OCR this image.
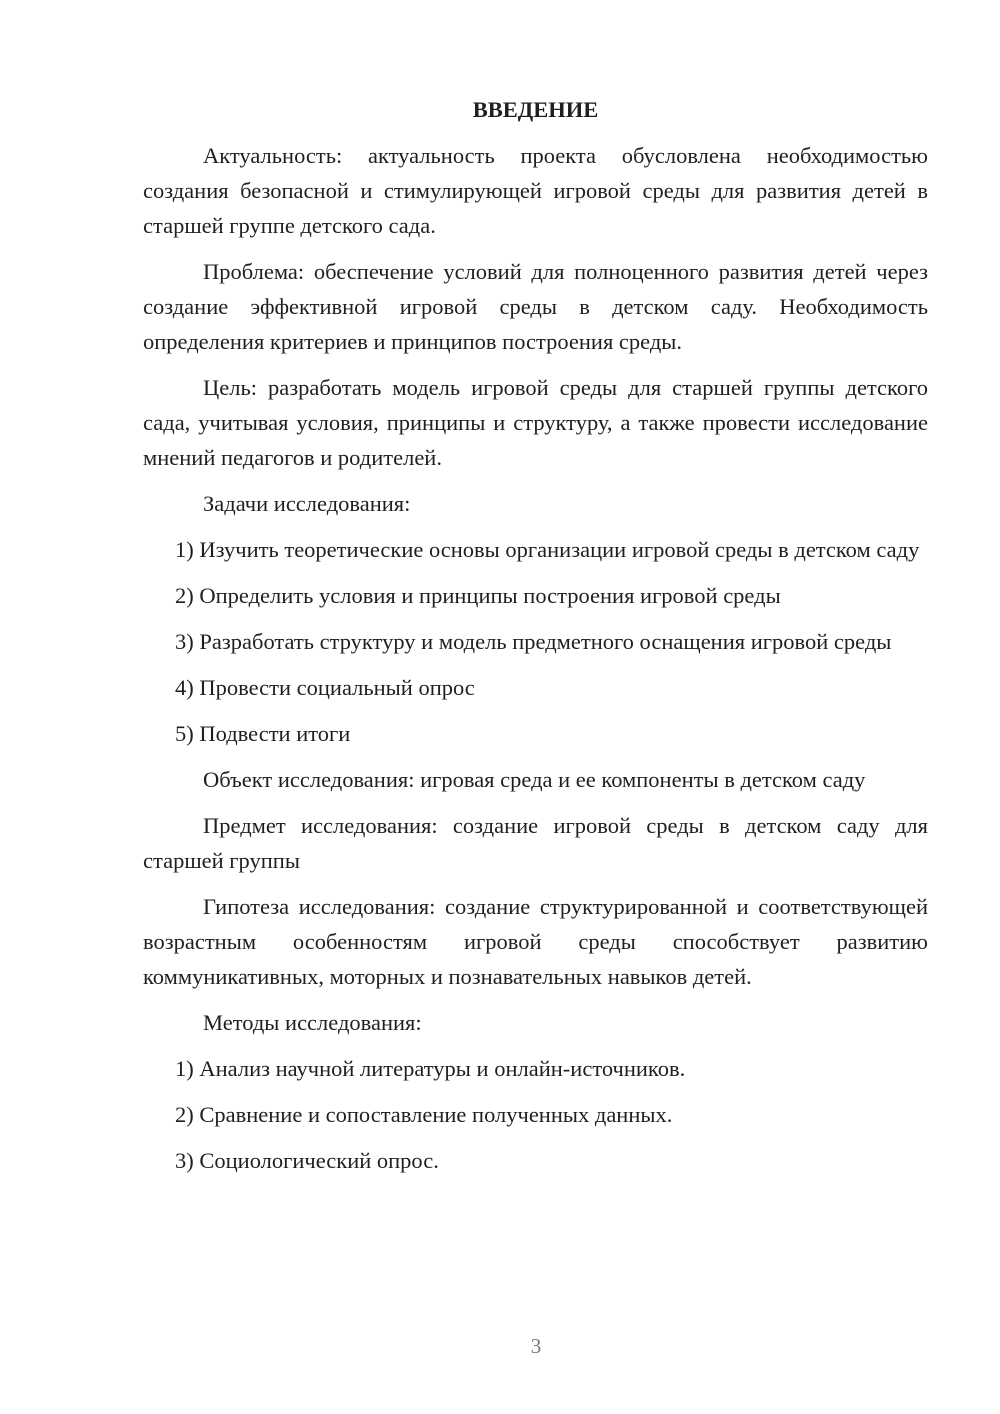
ВВЕДЕНИЕ

Актуальность: актуальность проекта обусловлена необходимостью создания безопасной и стимулирующей игровой среды для развития детей в старшей группе детского сада.

Проблема: обеспечение условий для полноценного развития детей через создание эффективной игровой среды в детском саду. Необходимость определения критериев и принципов построения среды.

Цель: разработать модель игровой среды для старшей группы детского сада, учитывая условия, принципы и структуру, а также провести исследование мнений педагогов и родителей.

Задачи исследования:

1) Изучить теоретические основы организации игровой среды в детском саду

2) Определить условия и принципы построения игровой среды

3) Разработать структуру и модель предметного оснащения игровой среды

4) Провести социальный опрос

5) Подвести итоги

Объект исследования: игровая среда и ее компоненты в детском саду

Предмет исследования: создание игровой среды в детском саду для старшей группы

Гипотеза исследования: создание структурированной и соответствующей возрастным особенностям игровой среды способствует развитию коммуникативных, моторных и познавательных навыков детей.

Методы исследования:

1) Анализ научной литературы и онлайн-источников.

2) Сравнение и сопоставление полученных данных.

3) Социологический опрос.

3
